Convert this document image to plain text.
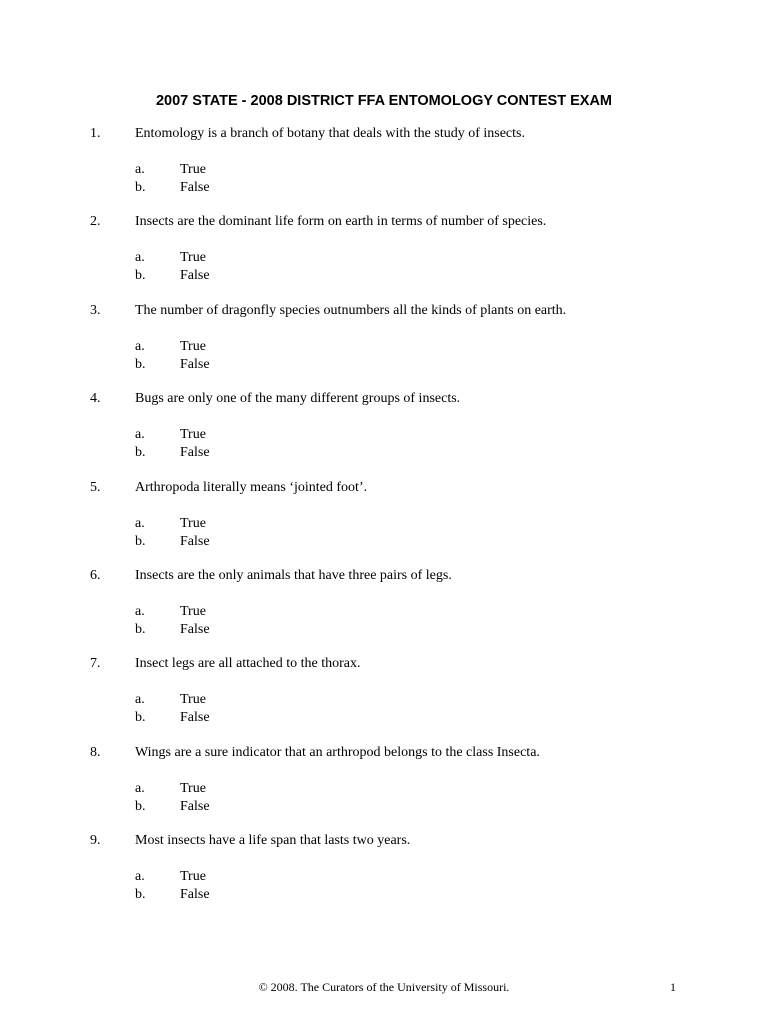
2007 STATE - 2008 DISTRICT FFA ENTOMOLOGY CONTEST EXAM
1. Entomology is a branch of botany that deals with the study of insects.
a.	True
b. False
2. Insects are the dominant life form on earth in terms of number of species.
a.	True
b. False
3. The number of dragonfly species outnumbers all the kinds of plants on earth.
a.	True
b. False
4. Bugs are only one of the many different groups of insects.
a.	True
b. False
5. Arthropoda literally means ‘jointed foot’.
a.	True
b. False
6. Insects are the only animals that have three pairs of legs.
a.	True
b. False
7. Insect legs are all attached to the thorax.
a.	True
b. False
8. Wings are a sure indicator that an arthropod belongs to the class Insecta.
a.	True
b. False
9. Most insects have a life span that lasts two years.
a.	True
b. False
© 2008. The Curators of the University of Missouri.	1
